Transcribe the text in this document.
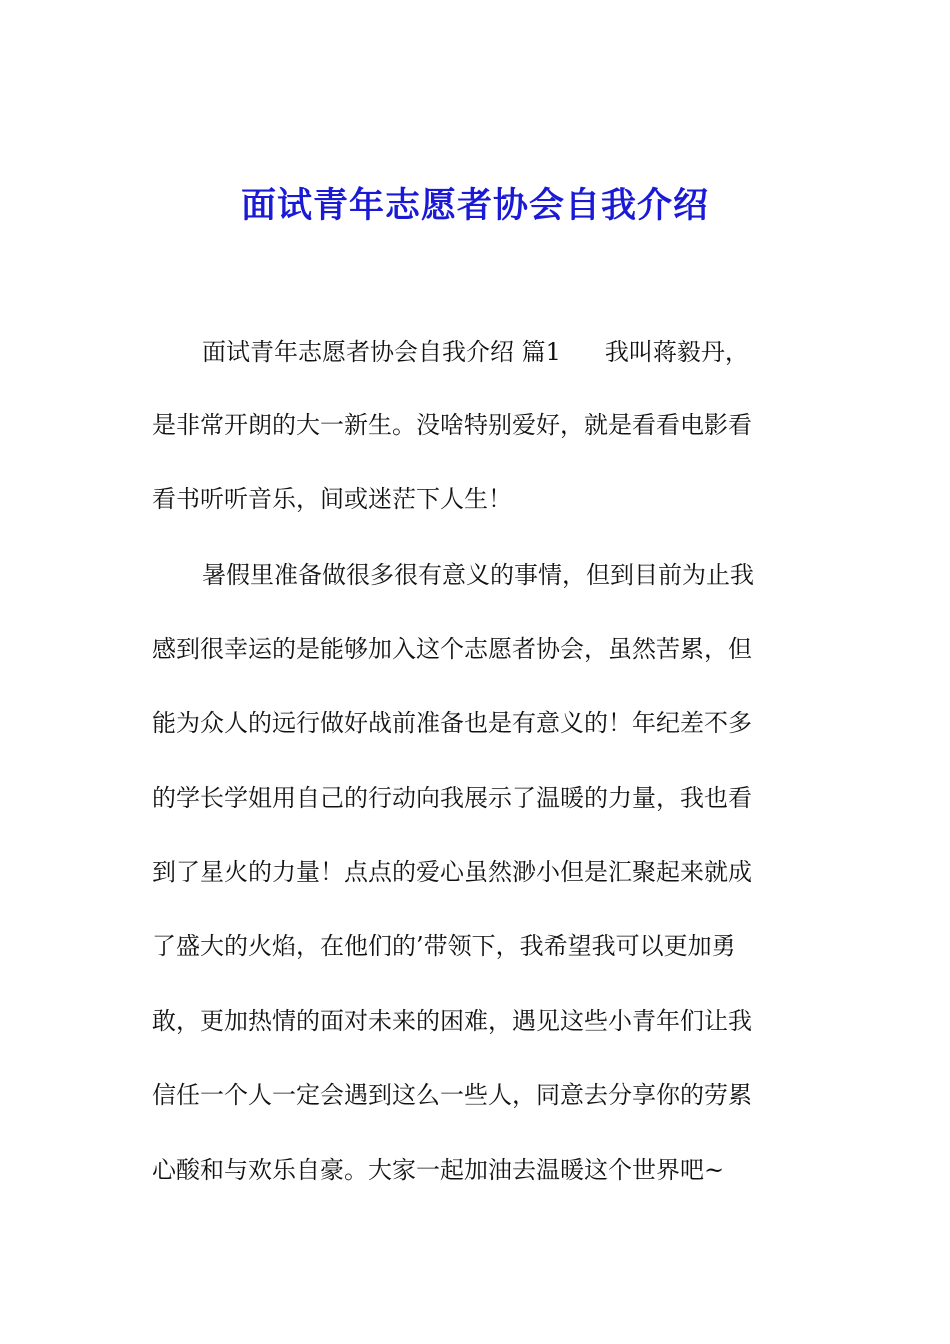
面试青年志愿者协会自我介绍

面试青年志愿者协会自我介绍 篇1 我叫蒋毅丹，

是非常开朗的大一新生。没啥特别爱好，就是看看电影看

看书听听音乐，间或迷茫下人生！

暑假里准备做很多很有意义的事情，但到目前为止我

感到很幸运的是能够加入这个志愿者协会，虽然苦累，但

能为众人的远行做好战前准备也是有意义的！年纪差不多

的学长学姐用自己的行动向我展示了温暖的力量，我也看

到了星火的力量！点点的爱心虽然渺小但是汇聚起来就成

了盛大的火焰，在他们的’带领下，我希望我可以更加勇

敢，更加热情的面对未来的困难，遇见这些小青年们让我

信任一个人一定会遇到这么一些人，同意去分享你的劳累

心酸和与欢乐自豪。大家一起加油去温暖这个世界吧~
